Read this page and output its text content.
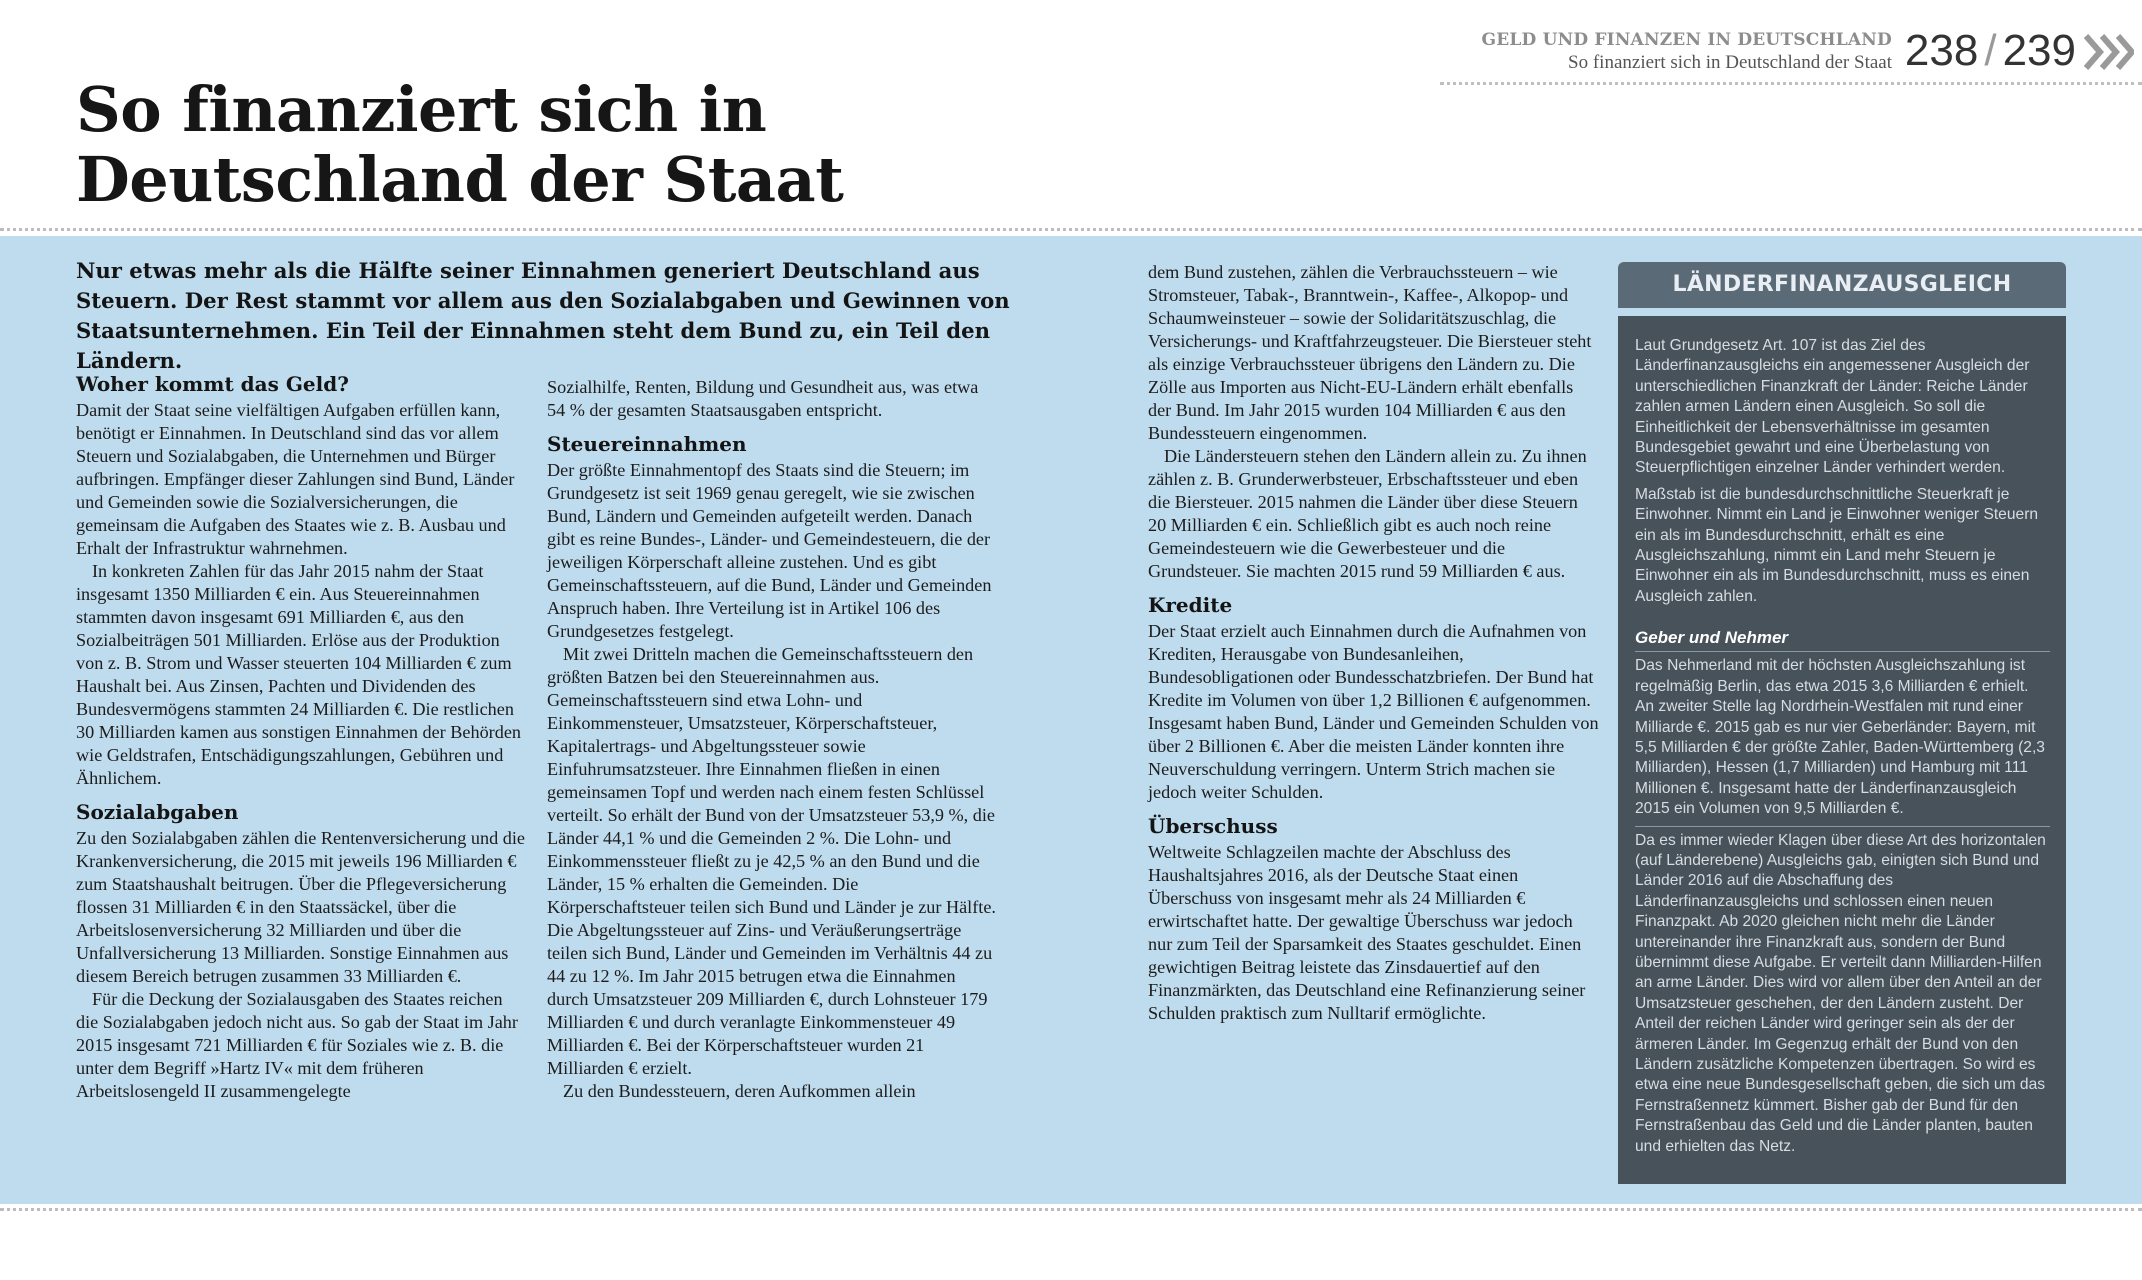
GELD UND FINANZEN IN DEUTSCHLAND
So finanziert sich in Deutschland der Staat 238 / 239
So finanziert sich in
Deutschland der Staat

Nur etwas mehr als die Hälfte seiner Einnahmen generiert Deutschland aus Steuern. Der Rest stammt vor allem aus den Sozialabgaben und Gewinnen von Staatsunternehmen. Ein Teil der Einnahmen steht dem Bund zu, ein Teil den Ländern.

Woher kommt das Geld?

Damit der Staat seine vielfältigen Aufgaben erfüllen kann, benötigt er Einnahmen. In Deutschland sind das vor allem Steuern und Sozialabgaben, die Unternehmen und Bürger aufbringen. Empfänger dieser Zahlungen sind Bund, Länder und Gemeinden sowie die Sozialversicherungen, die gemeinsam die Aufgaben des Staates wie z. B. Ausbau und Erhalt der Infrastruktur wahrnehmen.

In konkreten Zahlen für das Jahr 2015 nahm der Staat insgesamt 1350 Milliarden € ein. Aus Steuereinnahmen stammten davon insgesamt 691 Milliarden €, aus den Sozialbeiträgen 501 Milliarden. Erlöse aus der Produktion von z. B. Strom und Wasser steuerten 104 Milliarden € zum Haushalt bei. Aus Zinsen, Pachten und Dividenden des Bundesvermögens stammten 24 Milliarden €. Die restlichen 30 Milliarden kamen aus sonstigen Einnahmen der Behörden wie Geldstrafen, Entschädigungszahlungen, Gebühren und Ähnlichem.

Sozialabgaben

Zu den Sozialabgaben zählen die Rentenversicherung und die Krankenversicherung, die 2015 mit jeweils 196 Milliarden € zum Staatshaushalt beitrugen. Über die Pflegeversicherung flossen 31 Milliarden € in den Staatssäckel, über die Arbeitslosenversicherung 32 Milliarden und über die Unfallversicherung 13 Milliarden. Sonstige Einnahmen aus diesem Bereich betrugen zusammen 33 Milliarden €.

Für die Deckung der Sozialausgaben des Staates reichen die Sozialabgaben jedoch nicht aus. So gab der Staat im Jahr 2015 insgesamt 721 Milliarden € für Soziales wie z. B. die unter dem Begriff »Hartz IV« mit dem früheren Arbeitslosengeld II zusammengelegte

Sozialhilfe, Renten, Bildung und Gesundheit aus, was etwa 54 % der gesamten Staatsausgaben entspricht.

Steuereinnahmen

Der größte Einnahmentopf des Staats sind die Steuern; im Grundgesetz ist seit 1969 genau geregelt, wie sie zwischen Bund, Ländern und Gemeinden aufgeteilt werden. Danach gibt es reine Bundes-, Länder- und Gemeindesteuern, die der jeweiligen Körperschaft alleine zustehen. Und es gibt Gemeinschaftssteuern, auf die Bund, Länder und Gemeinden Anspruch haben. Ihre Verteilung ist in Artikel 106 des Grundgesetzes festgelegt.

Mit zwei Dritteln machen die Gemeinschaftssteuern den größten Batzen bei den Steuereinnahmen aus. Gemeinschaftssteuern sind etwa Lohn- und Einkommensteuer, Umsatzsteuer, Körperschaftsteuer, Kapitalertrags- und Abgeltungssteuer sowie Einfuhrumsatzsteuer. Ihre Einnahmen fließen in einen gemeinsamen Topf und werden nach einem festen Schlüssel verteilt. So erhält der Bund von der Umsatzsteuer 53,9 %, die Länder 44,1 % und die Gemeinden 2 %. Die Lohn- und Einkommenssteuer fließt zu je 42,5 % an den Bund und die Länder, 15 % erhalten die Gemeinden. Die Körperschaftsteuer teilen sich Bund und Länder je zur Hälfte. Die Abgeltungssteuer auf Zins- und Veräußerungserträge teilen sich Bund, Länder und Gemeinden im Verhältnis 44 zu 44 zu 12 %. Im Jahr 2015 betrugen etwa die Einnahmen durch Umsatzsteuer 209 Milliarden €, durch Lohnsteuer 179 Milliarden € und durch veranlagte Einkommensteuer 49 Milliarden €. Bei der Körperschaftsteuer wurden 21 Milliarden € erzielt.

Zu den Bundessteuern, deren Aufkommen allein

dem Bund zustehen, zählen die Verbrauchssteuern – wie Stromsteuer, Tabak-, Branntwein-, Kaffee-, Alkopop- und Schaumweinsteuer – sowie der Solidaritätszuschlag, die Versicherungs- und Kraftfahrzeugsteuer. Die Biersteuer steht als einzige Verbrauchssteuer übrigens den Ländern zu. Die Zölle aus Importen aus Nicht-EU-Ländern erhält ebenfalls der Bund. Im Jahr 2015 wurden 104 Milliarden € aus den Bundessteuern eingenommen.

Die Ländersteuern stehen den Ländern allein zu. Zu ihnen zählen z. B. Grunderwerbsteuer, Erbschaftssteuer und eben die Biersteuer. 2015 nahmen die Länder über diese Steuern 20 Milliarden € ein. Schließlich gibt es auch noch reine Gemeindesteuern wie die Gewerbesteuer und die Grundsteuer. Sie machten 2015 rund 59 Milliarden € aus.

Kredite

Der Staat erzielt auch Einnahmen durch die Aufnahmen von Krediten, Herausgabe von Bundesanleihen, Bundesobligationen oder Bundesschatzbriefen. Der Bund hat Kredite im Volumen von über 1,2 Billionen € aufgenommen. Insgesamt haben Bund, Länder und Gemeinden Schulden von über 2 Billionen €. Aber die meisten Länder konnten ihre Neuverschuldung verringern. Unterm Strich machen sie jedoch weiter Schulden.

Überschuss

Weltweite Schlagzeilen machte der Abschluss des Haushaltsjahres 2016, als der Deutsche Staat einen Überschuss von insgesamt mehr als 24 Milliarden € erwirtschaftet hatte. Der gewaltige Überschuss war jedoch nur zum Teil der Sparsamkeit des Staates geschuldet. Einen gewichtigen Beitrag leistete das Zinsdauertief auf den Finanzmärkten, das Deutschland eine Refinanzierung seiner Schulden praktisch zum Nulltarif ermöglichte.

LÄNDERFINANZAUSGLEICH

Laut Grundgesetz Art. 107 ist das Ziel des Länderfinanzausgleichs ein angemessener Ausgleich der unterschiedlichen Finanzkraft der Länder: Reiche Länder zahlen armen Ländern einen Ausgleich. So soll die Einheitlichkeit der Lebensverhältnisse im gesamten Bundesgebiet gewahrt und eine Überbelastung von Steuerpflichtigen einzelner Länder verhindert werden.

Maßstab ist die bundesdurchschnittliche Steuerkraft je Einwohner. Nimmt ein Land je Einwohner weniger Steuern ein als im Bundesdurchschnitt, erhält es eine Ausgleichszahlung, nimmt ein Land mehr Steuern je Einwohner ein als im Bundesdurchschnitt, muss es einen Ausgleich zahlen.

Geber und Nehmer

Das Nehmerland mit der höchsten Ausgleichszahlung ist regelmäßig Berlin, das etwa 2015 3,6 Milliarden € erhielt. An zweiter Stelle lag Nordrhein-Westfalen mit rund einer Milliarde €. 2015 gab es nur vier Geberländer: Bayern, mit 5,5 Milliarden € der größte Zahler, Baden-Württemberg (2,3 Milliarden), Hessen (1,7 Milliarden) und Hamburg mit 111 Millionen €. Insgesamt hatte der Länderfinanzausgleich 2015 ein Volumen von 9,5 Milliarden €.

Da es immer wieder Klagen über diese Art des horizontalen (auf Länderebene) Ausgleichs gab, einigten sich Bund und Länder 2016 auf die Abschaffung des Länderfinanzausgleichs und schlossen einen neuen Finanzpakt. Ab 2020 gleichen nicht mehr die Länder untereinander ihre Finanzkraft aus, sondern der Bund übernimmt diese Aufgabe. Er verteilt dann Milliarden-Hilfen an arme Länder. Dies wird vor allem über den Anteil an der Umsatzsteuer geschehen, der den Ländern zusteht. Der Anteil der reichen Länder wird geringer sein als der der ärmeren Länder. Im Gegenzug erhält der Bund von den Ländern zusätzliche Kompetenzen übertragen. So wird es etwa eine neue Bundesgesellschaft geben, die sich um das Fernstraßennetz kümmert. Bisher gab der Bund für den Fernstraßenbau das Geld und die Länder planten, bauten und erhielten das Netz.
